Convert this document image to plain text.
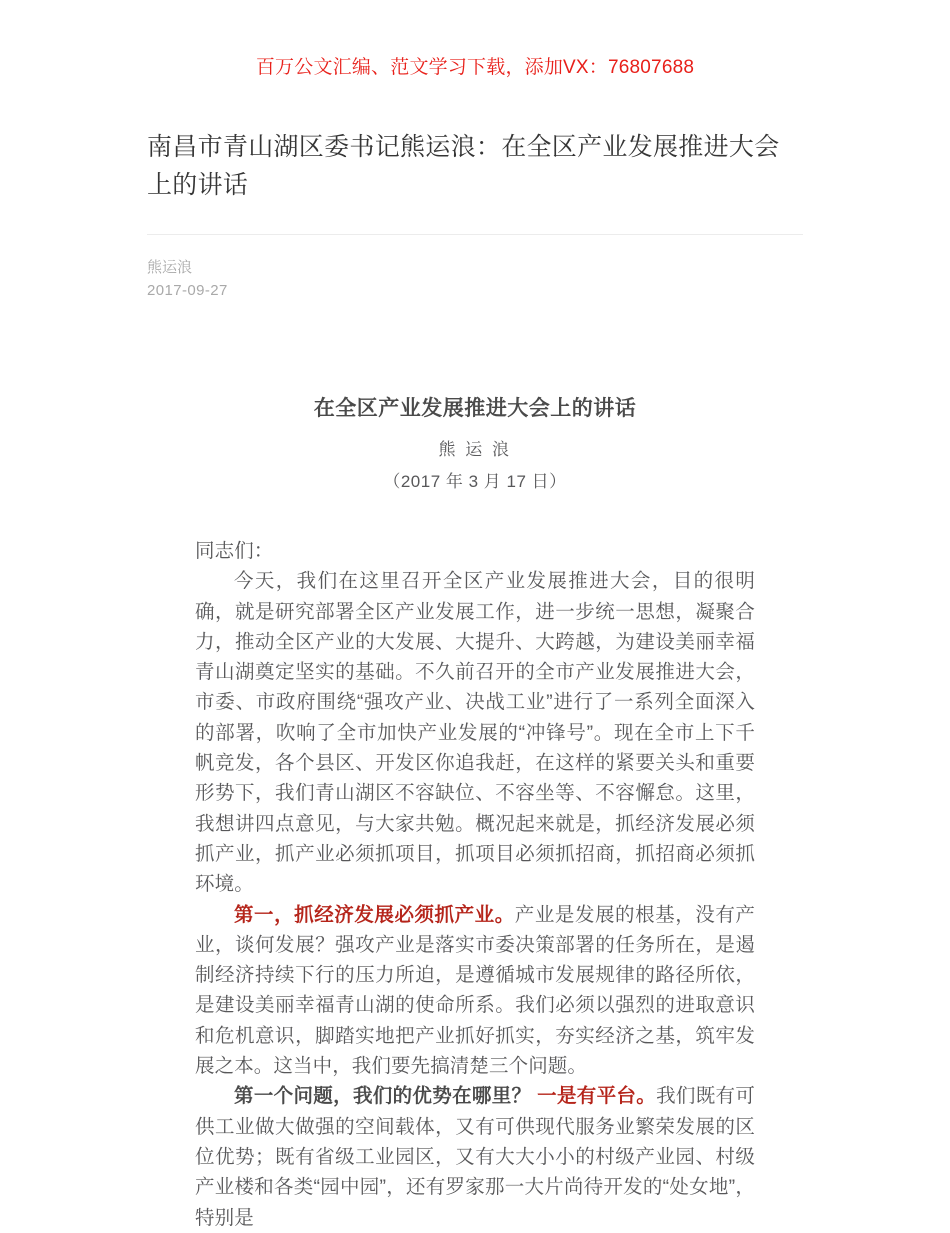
百万公文汇编、范文学习下载，添加VX：76807688
南昌市青山湖区委书记熊运浪：在全区产业发展推进大会上的讲话
熊运浪
2017-09-27
在全区产业发展推进大会上的讲话

熊 运 浪

（2017 年 3 月 17 日）

同志们：

今天，我们在这里召开全区产业发展推进大会，目的很明确，就是研究部署全区产业发展工作，进一步统一思想，凝聚合力，推动全区产业的大发展、大提升、大跨越，为建设美丽幸福青山湖奠定坚实的基础。不久前召开的全市产业发展推进大会，市委、市政府围绕“强攻产业、决战工业”进行了一系列全面深入的部署，吹响了全市加快产业发展的“冲锋号”。现在全市上下千帆竞发，各个县区、开发区你追我赶，在这样的紧要关头和重要形势下，我们青山湖区不容缺位、不容坐等、不容懈怠。这里，我想讲四点意见，与大家共勉。概况起来就是，抓经济发展必须抓产业，抓产业必须抓项目，抓项目必须抓招商，抓招商必须抓环境。

第一，抓经济发展必须抓产业。产业是发展的根基，没有产业，谈何发展？强攻产业是落实市委决策部署的任务所在，是遏制经济持续下行的压力所迫，是遵循城市发展规律的路径所依，是建设美丽幸福青山湖的使命所系。我们必须以强烈的进取意识和危机意识，脚踏实地把产业抓好抓实，夯实经济之基，筑牢发展之本。这当中，我们要先搞清楚三个问题。

第一个问题，我们的优势在哪里？ 一是有平台。我们既有可供工业做大做强的空间载体，又有可供现代服务业繁荣发展的区位优势；既有省级工业园区，又有大大小小的村级产业园、村级产业楼和各类“园中园”，还有罗家那一大片尚待开发的“处女地”，特别是
